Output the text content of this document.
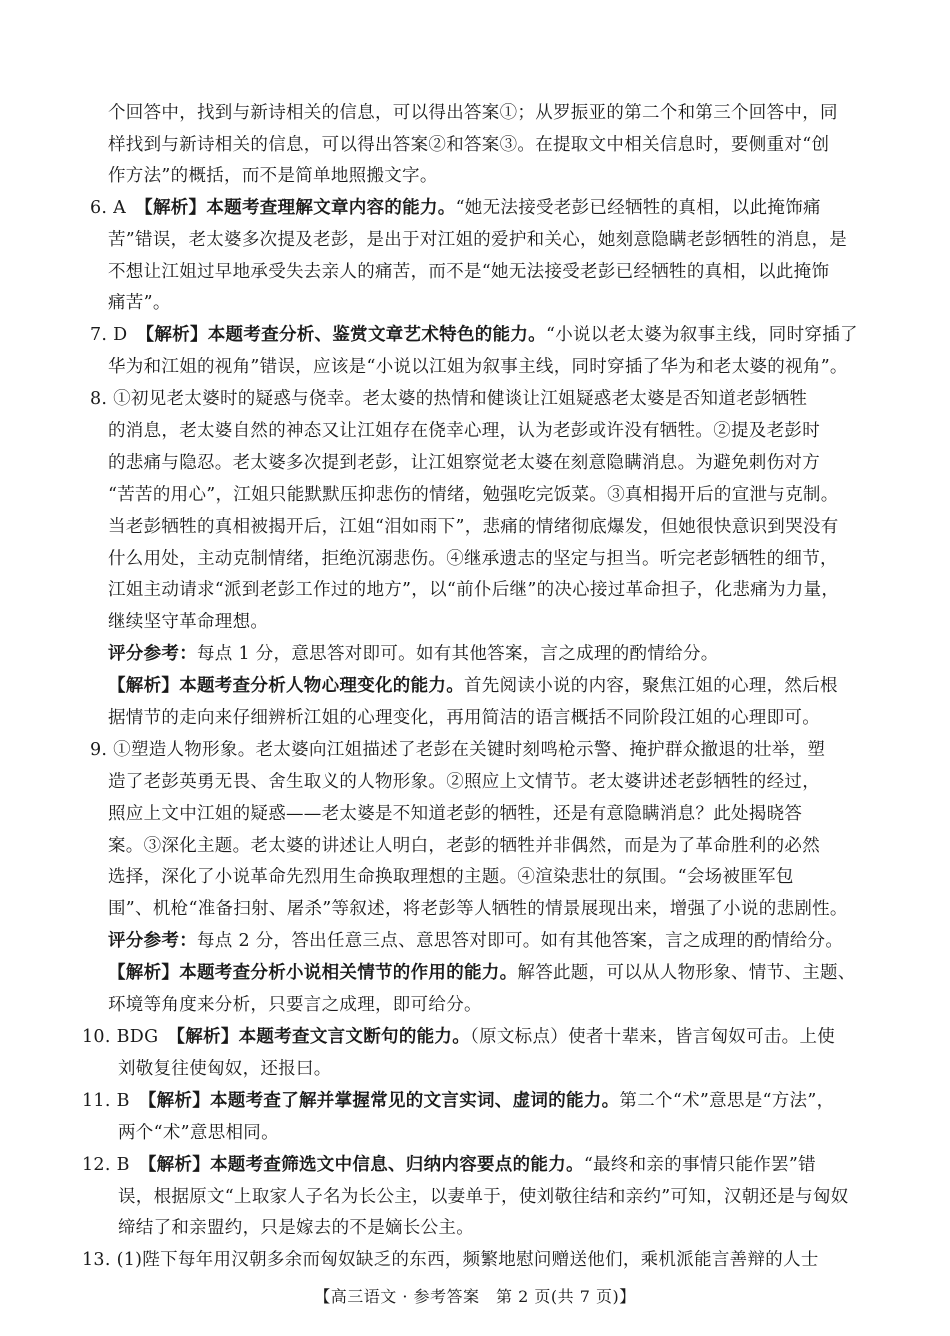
个回答中，找到与新诗相关的信息，可以得出答案①；从罗振亚的第二个和第三个回答中，同
样找到与新诗相关的信息，可以得出答案②和答案③。在提取文中相关信息时，要侧重对“创
作方法”的概括，而不是简单地照搬文字。
6. A　【解析】本题考查理解文章内容的能力。“她无法接受老彭已经牺牲的真相，以此掩饰痛
苦”错误，老太婆多次提及老彭，是出于对江姐的爱护和关心，她刻意隐瞒老彭牺牲的消息，是
不想让江姐过早地承受失去亲人的痛苦，而不是“她无法接受老彭已经牺牲的真相，以此掩饰
痛苦”。
7. D　【解析】本题考查分析、鉴赏文章艺术特色的能力。“小说以老太婆为叙事主线，同时穿插了
华为和江姐的视角”错误，应该是“小说以江姐为叙事主线，同时穿插了华为和老太婆的视角”。
8. ①初见老太婆时的疑惑与侥幸。老太婆的热情和健谈让江姐疑惑老太婆是否知道老彭牺牲
的消息，老太婆自然的神态又让江姐存在侥幸心理，认为老彭或许没有牺牲。②提及老彭时
的悲痛与隐忍。老太婆多次提到老彭，让江姐察觉老太婆在刻意隐瞒消息。为避免刺伤对方
“苦苦的用心”，江姐只能默默压抑悲伤的情绪，勉强吃完饭菜。③真相揭开后的宣泄与克制。
当老彭牺牲的真相被揭开后，江姐“泪如雨下”，悲痛的情绪彻底爆发，但她很快意识到哭没有
什么用处，主动克制情绪，拒绝沉溺悲伤。④继承遗志的坚定与担当。听完老彭牺牲的细节，
江姐主动请求“派到老彭工作过的地方”，以“前仆后继”的决心接过革命担子，化悲痛为力量，
继续坚守革命理想。
评分参考：每点 1 分，意思答对即可。如有其他答案，言之成理的酌情给分。
【解析】本题考查分析人物心理变化的能力。首先阅读小说的内容，聚焦江姐的心理，然后根
据情节的走向来仔细辨析江姐的心理变化，再用简洁的语言概括不同阶段江姐的心理即可。
9. ①塑造人物形象。老太婆向江姐描述了老彭在关键时刻鸣枪示警、掩护群众撤退的壮举，塑
造了老彭英勇无畏、舍生取义的人物形象。②照应上文情节。老太婆讲述老彭牺牲的经过，
照应上文中江姐的疑惑——老太婆是不知道老彭的牺牲，还是有意隐瞒消息？此处揭晓答
案。③深化主题。老太婆的讲述让人明白，老彭的牺牲并非偶然，而是为了革命胜利的必然
选择，深化了小说革命先烈用生命换取理想的主题。④渲染悲壮的氛围。“会场被匪军包
围”、机枪“准备扫射、屠杀”等叙述，将老彭等人牺牲的情景展现出来，增强了小说的悲剧性。
评分参考：每点 2 分，答出任意三点、意思答对即可。如有其他答案，言之成理的酌情给分。
【解析】本题考查分析小说相关情节的作用的能力。解答此题，可以从人物形象、情节、主题、
环境等角度来分析，只要言之成理，即可给分。
10. BDG　【解析】本题考查文言文断句的能力。（原文标点）使者十辈来，皆言匈奴可击。上使
刘敬复往使匈奴，还报曰。
11. B　【解析】本题考查了解并掌握常见的文言实词、虚词的能力。第二个“术”意思是“方法”，
两个“术”意思相同。
12. B　【解析】本题考查筛选文中信息、归纳内容要点的能力。“最终和亲的事情只能作罢”错
误，根据原文“上取家人子名为长公主，以妻单于，使刘敬往结和亲约”可知，汉朝还是与匈奴
缔结了和亲盟约，只是嫁去的不是嫡长公主。
13. (1)陛下每年用汉朝多余而匈奴缺乏的东西，频繁地慰问赠送他们，乘机派能言善辩的人士
【高三语文 · 参考答案　第 2 页(共 7 页)】
